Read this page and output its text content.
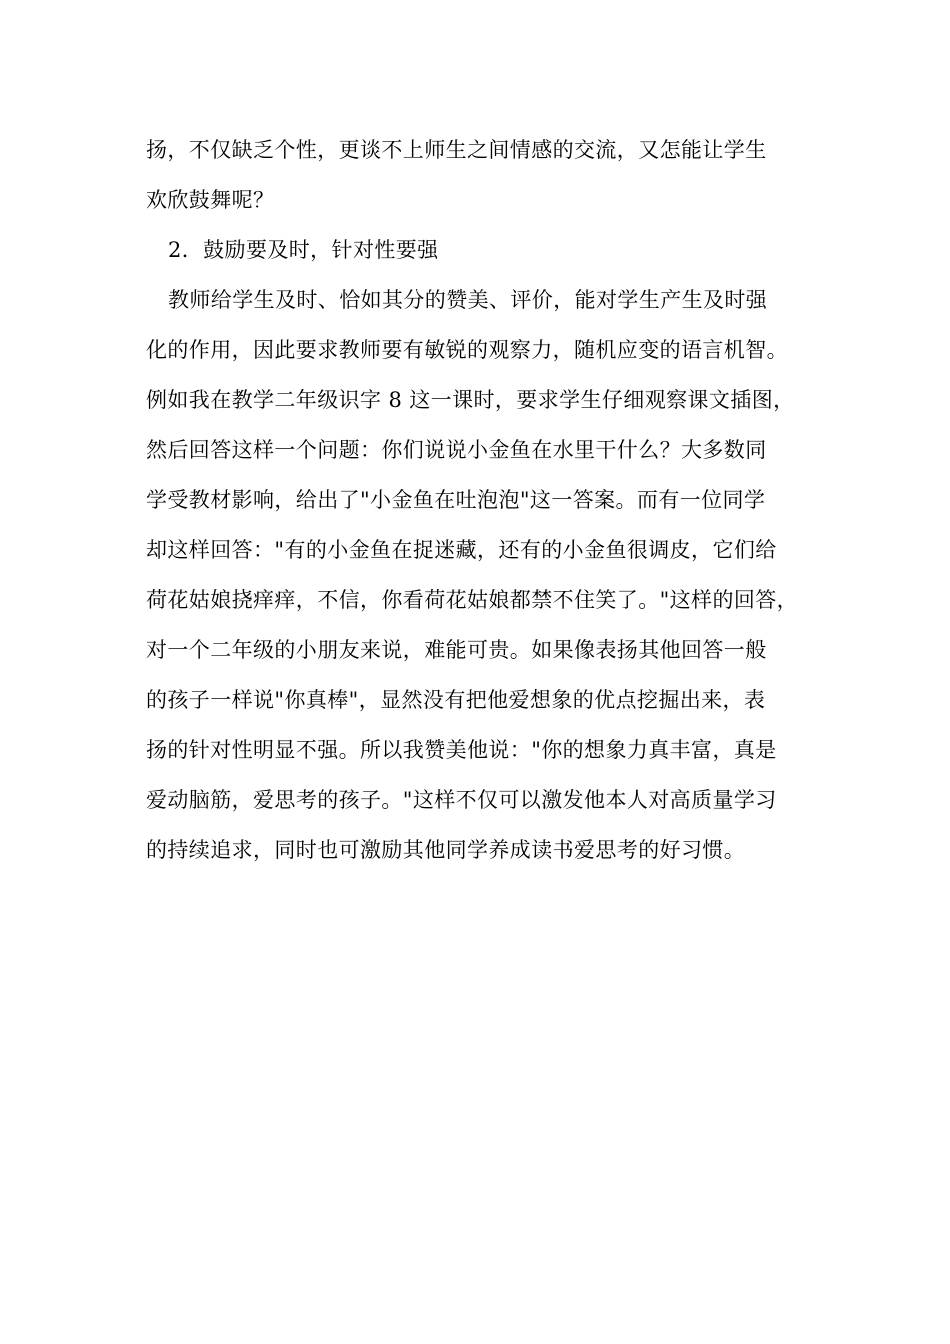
扬，不仅缺乏个性，更谈不上师生之间情感的交流，又怎能让学生
欢欣鼓舞呢？
2．鼓励要及时，针对性要强
教师给学生及时、恰如其分的赞美、评价，能对学生产生及时强
化的作用，因此要求教师要有敏锐的观察力，随机应变的语言机智。
例如我在教学二年级识字 8 这一课时，要求学生仔细观察课文插图，
然后回答这样一个问题：你们说说小金鱼在水里干什么？大多数同
学受教材影响，给出了"小金鱼在吐泡泡"这一答案。而有一位同学
却这样回答："有的小金鱼在捉迷藏，还有的小金鱼很调皮，它们给
荷花姑娘挠痒痒，不信，你看荷花姑娘都禁不住笑了。"这样的回答，
对一个二年级的小朋友来说，难能可贵。如果像表扬其他回答一般
的孩子一样说"你真棒"，显然没有把他爱想象的优点挖掘出来，表
扬的针对性明显不强。所以我赞美他说："你的想象力真丰富，真是
爱动脑筋，爱思考的孩子。"这样不仅可以激发他本人对高质量学习
的持续追求，同时也可激励其他同学养成读书爱思考的好习惯。
